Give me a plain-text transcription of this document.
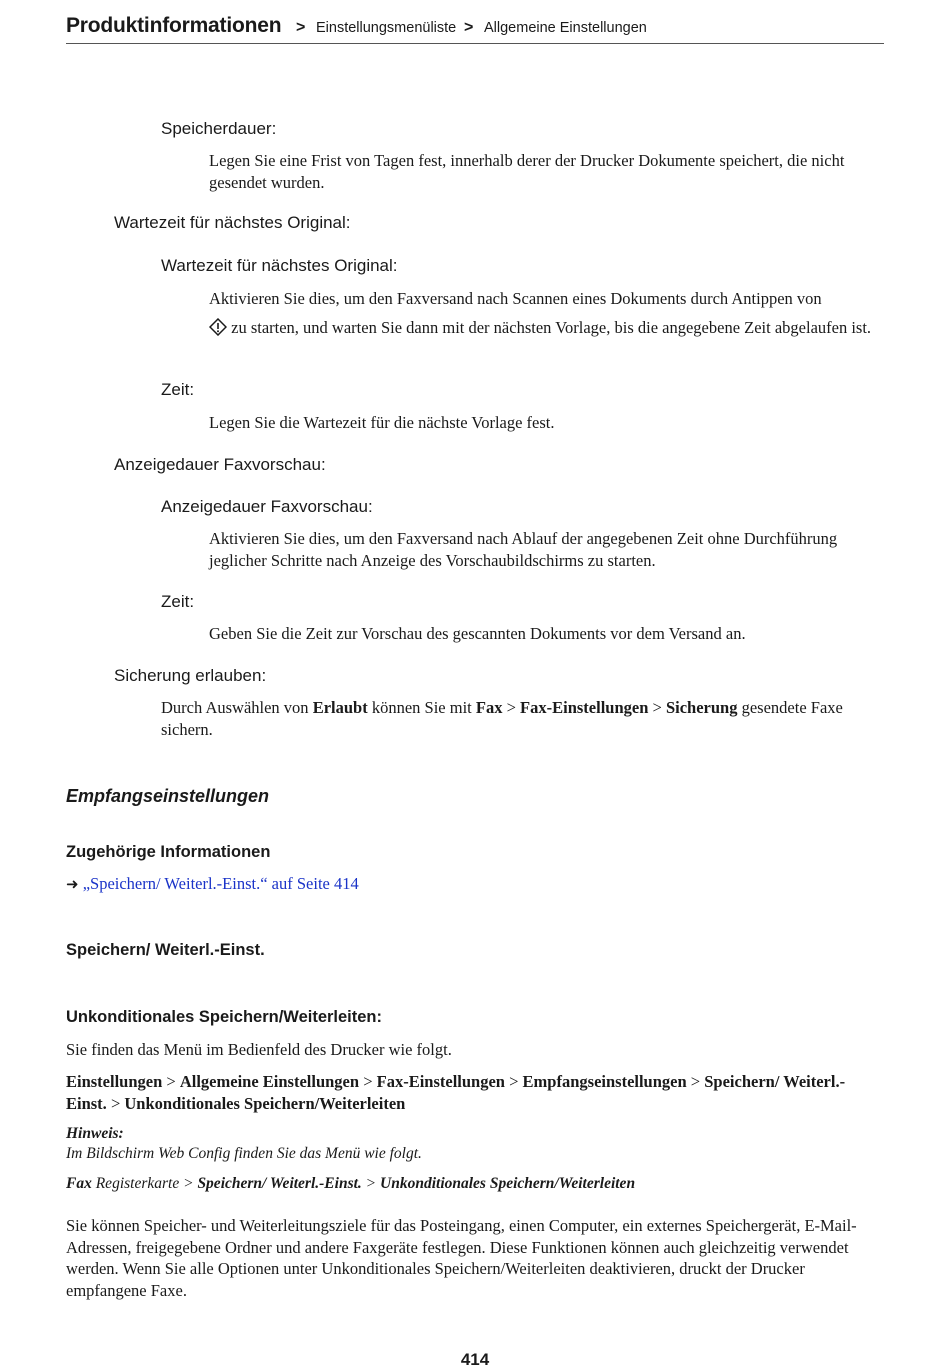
Produktinformationen > Einstellungsmenüliste > Allgemeine Einstellungen
Speicherdauer:
Legen Sie eine Frist von Tagen fest, innerhalb derer der Drucker Dokumente speichert, die nicht gesendet wurden.
Wartezeit für nächstes Original:
Wartezeit für nächstes Original:
Aktivieren Sie dies, um den Faxversand nach Scannen eines Dokuments durch Antippen von
zu starten, und warten Sie dann mit der nächsten Vorlage, bis die angegebene Zeit abgelaufen ist.
Zeit:
Legen Sie die Wartezeit für die nächste Vorlage fest.
Anzeigedauer Faxvorschau:
Anzeigedauer Faxvorschau:
Aktivieren Sie dies, um den Faxversand nach Ablauf der angegebenen Zeit ohne Durchführung jeglicher Schritte nach Anzeige des Vorschaubildschirms zu starten.
Zeit:
Geben Sie die Zeit zur Vorschau des gescannten Dokuments vor dem Versand an.
Sicherung erlauben:
Durch Auswählen von Erlaubt können Sie mit Fax > Fax-Einstellungen > Sicherung gesendete Faxe sichern.
Empfangseinstellungen
Zugehörige Informationen
➜ „Speichern/ Weiterl.-Einst.“ auf Seite 414
Speichern/ Weiterl.-Einst.
Unkonditionales Speichern/Weiterleiten:
Sie finden das Menü im Bedienfeld des Drucker wie folgt.
Einstellungen > Allgemeine Einstellungen > Fax-Einstellungen > Empfangseinstellungen > Speichern/ Weiterl.-Einst. > Unkonditionales Speichern/Weiterleiten
Hinweis:
Im Bildschirm Web Config finden Sie das Menü wie folgt.
Fax Registerkarte > Speichern/ Weiterl.-Einst. > Unkonditionales Speichern/Weiterleiten
Sie können Speicher- und Weiterleitungsziele für das Posteingang, einen Computer, ein externes Speichergerät, E-Mail-Adressen, freigegebene Ordner und andere Faxgeräte festlegen. Diese Funktionen können auch gleichzeitig verwendet werden. Wenn Sie alle Optionen unter Unkonditionales Speichern/Weiterleiten deaktivieren, druckt der Drucker empfangene Faxe.
414
